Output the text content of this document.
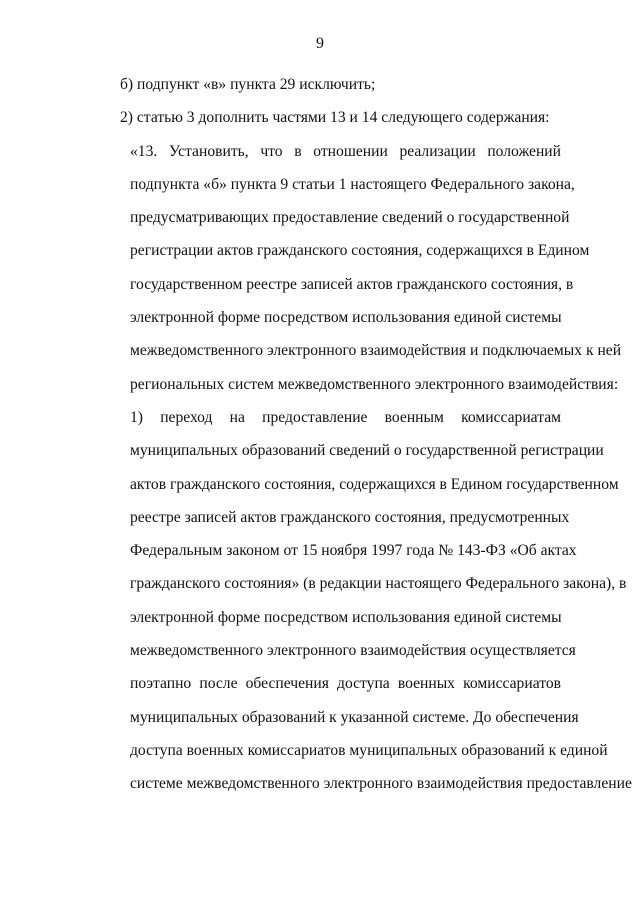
9

б) подпункт «в» пункта 29 исключить;

2) статью 3 дополнить частями 13 и 14 следующего содержания:

«13. Установить, что в отношении реализации положений
подпункта «б» пункта 9 статьи 1 настоящего Федерального закона,
предусматривающих предоставление сведений о государственной
регистрации актов гражданского состояния, содержащихся в Едином
государственном реестре записей актов гражданского состояния, в
электронной форме посредством использования единой системы
межведомственного электронного взаимодействия и подключаемых к ней
региональных систем межведомственного электронного взаимодействия:

1) переход на предоставление военным комиссариатам
муниципальных образований сведений о государственной регистрации
актов гражданского состояния, содержащихся в Едином государственном
реестре записей актов гражданского состояния, предусмотренных
Федеральным законом от 15 ноября 1997 года № 143-ФЗ «Об актах
гражданского состояния» (в редакции настоящего Федерального закона), в
электронной форме посредством использования единой системы
межведомственного электронного взаимодействия осуществляется
поэтапно после обеспечения доступа военных комиссариатов
муниципальных образований к указанной системе. До обеспечения
доступа военных комиссариатов муниципальных образований к единой
системе межведомственного электронного взаимодействия предоставление
